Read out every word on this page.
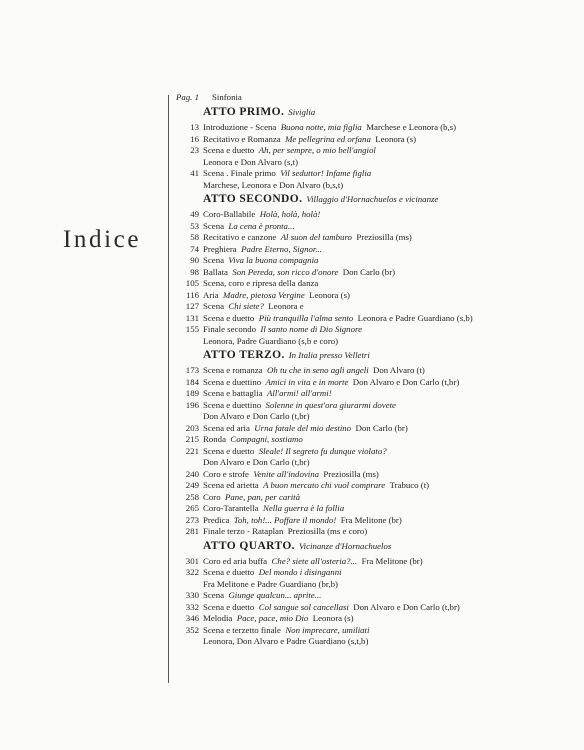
Indice
Pag. 1	Sinfonia
ATTO PRIMO. Siviglia
13 Introduzione - Scena  Buona notte, mia figlia  Marchese e Leonora (b,s) 
16 Recitativo e Romanza  Me pellegrina ed orfana  Leonora (s) 
23 Scena e duetto  Ah, per sempre, o mio bell'angiol 
Leonora e Don Alvaro (s,t)
41 Scena . Finale primo  Vil seduttor! Infame figlia 
Marchese, Leonora e Don Alvaro (b,s,t)
ATTO SECONDO. Villaggio d'Hornachuelos e vicinanze
49 Coro-Ballabile  Holà, holà, holà! 
53 Scena  La cena è pronta... 
58 Recitativo e canzone  Al suon del tamburo  Preziosilla (ms) 
74 Preghiera  Padre Eterno, Signor... 
90 Scena  Viva la buona compagnia 
98 Ballata  Son Pereda, son ricco d'onore  Don Carlo (br) 
105 Scena, coro e ripresa della danza 
116 Aria  Madre, pietosa Vergine  Leonora (s) 
127 Scena  Chi siete?  Leonora e 
131 Scena e duetto  Più tranquilla l'alma sento  Leonora e Padre Guardiano (s,b) 
155 Finale secondo  Il santo nome di Dio Signore 
Leonora, Padre Guardiano (s,b e coro)
ATTO TERZO. In Italia presso Velletri
173 Scena e romanza  Oh tu che in seno agli angeli  Don Alvaro (t) 
184 Scena e duettino  Amici in vita e in morte  Don Alvaro e Don Carlo (t,br) 
189 Scena e battaglia  All'armi! all'armi! 
196 Scena e duettino  Solenne in quest'ora giurarmi dovete 
Don Alvaro e Don Carlo (t,br)
203 Scena ed aria  Urna fatale del mio destino  Don Carlo (br) 
215 Ronda  Compagni, sostiamo 
221 Scena e duetto  Sleale! Il segreto fu dunque violato? 
Don Alvaro e Don Carlo (t,br)
240 Coro e strofe  Venite all'indovina  Preziosilla (ms) 
249 Scena ed arietta  A buon mercato chi vuol comprare  Trabuco (t) 
258 Coro  Pane, pan, per carità 
265 Coro-Tarantella  Nella guerra è la follia 
273 Predica  Toh, toh!... Poffare il mondo!  Fra Melitone (br) 
281 Finale terzo - Rataplan  Preziosilla (ms e coro) 
ATTO QUARTO. Vicinanze d'Hornachuelos
301 Coro ed aria buffa  Che? siete all'osteria?...  Fra Melitone (br) 
322 Scena e duetto  Del mondo i disinganni 
Fra Melitone e Padre Guardiano (br,b)
330 Scena  Giunge qualcun... aprite... 
332 Scena e duetto  Col sangue sol cancellasi  Don Alvaro e Don Carlo (t,br) 
346 Melodia  Pace, pace, mio Dio  Leonora (s) 
352 Scena e terzetto finale  Non imprecare, umiliati 
Leonora, Don Alvaro e Padre Guardiano (s,t,b)
